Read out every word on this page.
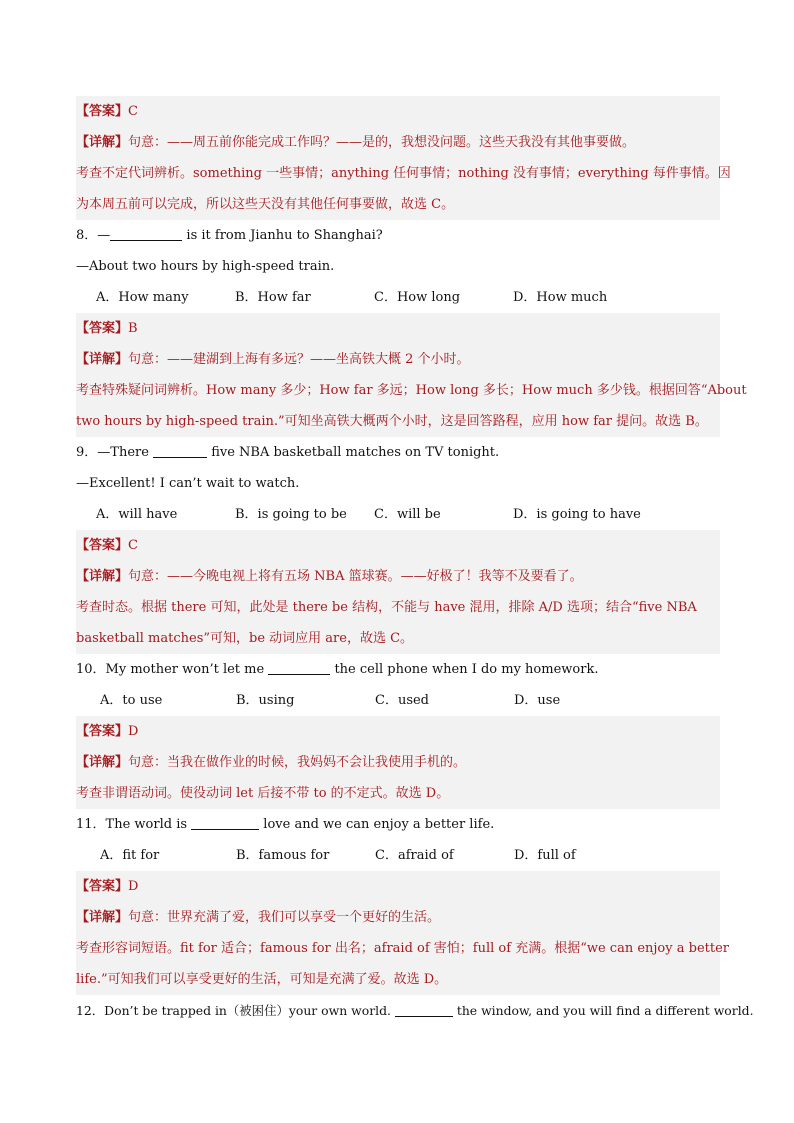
【答案】C
【详解】句意：——周五前你能完成工作吗？——是的，我想没问题。这些天我没有其他事要做。
考查不定代词辨析。something 一些事情；anything 任何事情；nothing 没有事情；everything 每件事情。因
为本周五前可以完成，所以这些天没有其他任何事要做，故选 C。
8．—	is it from Jianhu to Shanghai?
—About two hours by high-speed train.
A．How many	B．How far	C．How long	D．How much
【答案】B
【详解】句意：——建湖到上海有多远？——坐高铁大概 2 个小时。
考查特殊疑问词辨析。How many 多少；How far 多远；How long 多长；How much 多少钱。根据回答“About
two hours by high-speed train.”可知坐高铁大概两个小时，这是回答路程，应用 how far 提问。故选 B。
9．—There	five NBA basketball matches on TV tonight.
—Excellent! I can’t wait to watch.
A．will have	B．is going to be	C．will be	D．is going to have
【答案】C
【详解】句意：——今晚电视上将有五场 NBA 篮球赛。——好极了！我等不及要看了。
考查时态。根据 there 可知，此处是 there be 结构，不能与 have 混用，排除 A/D 选项；结合“five NBA
basketball matches”可知，be 动词应用 are，故选 C。
10．My mother won’t let me	the cell phone when I do my homework.
A．to use	B．using	C．used	D．use
【答案】D
【详解】句意：当我在做作业的时候，我妈妈不会让我使用手机的。
考查非谓语动词。使役动词 let 后接不带 to 的不定式。故选 D。
11．The world is	love and we can enjoy a better life.
A．fit for	B．famous for	C．afraid of	D．full of
【答案】D
【详解】句意：世界充满了爱，我们可以享受一个更好的生活。
考查形容词短语。fit for 适合；famous for 出名；afraid of 害怕；full of 充满。根据“we can enjoy a better
life.”可知我们可以享受更好的生活，可知是充满了爱。故选 D。
12．Don’t be trapped in（被困住）your own world.	the window, and you will find a different world.
